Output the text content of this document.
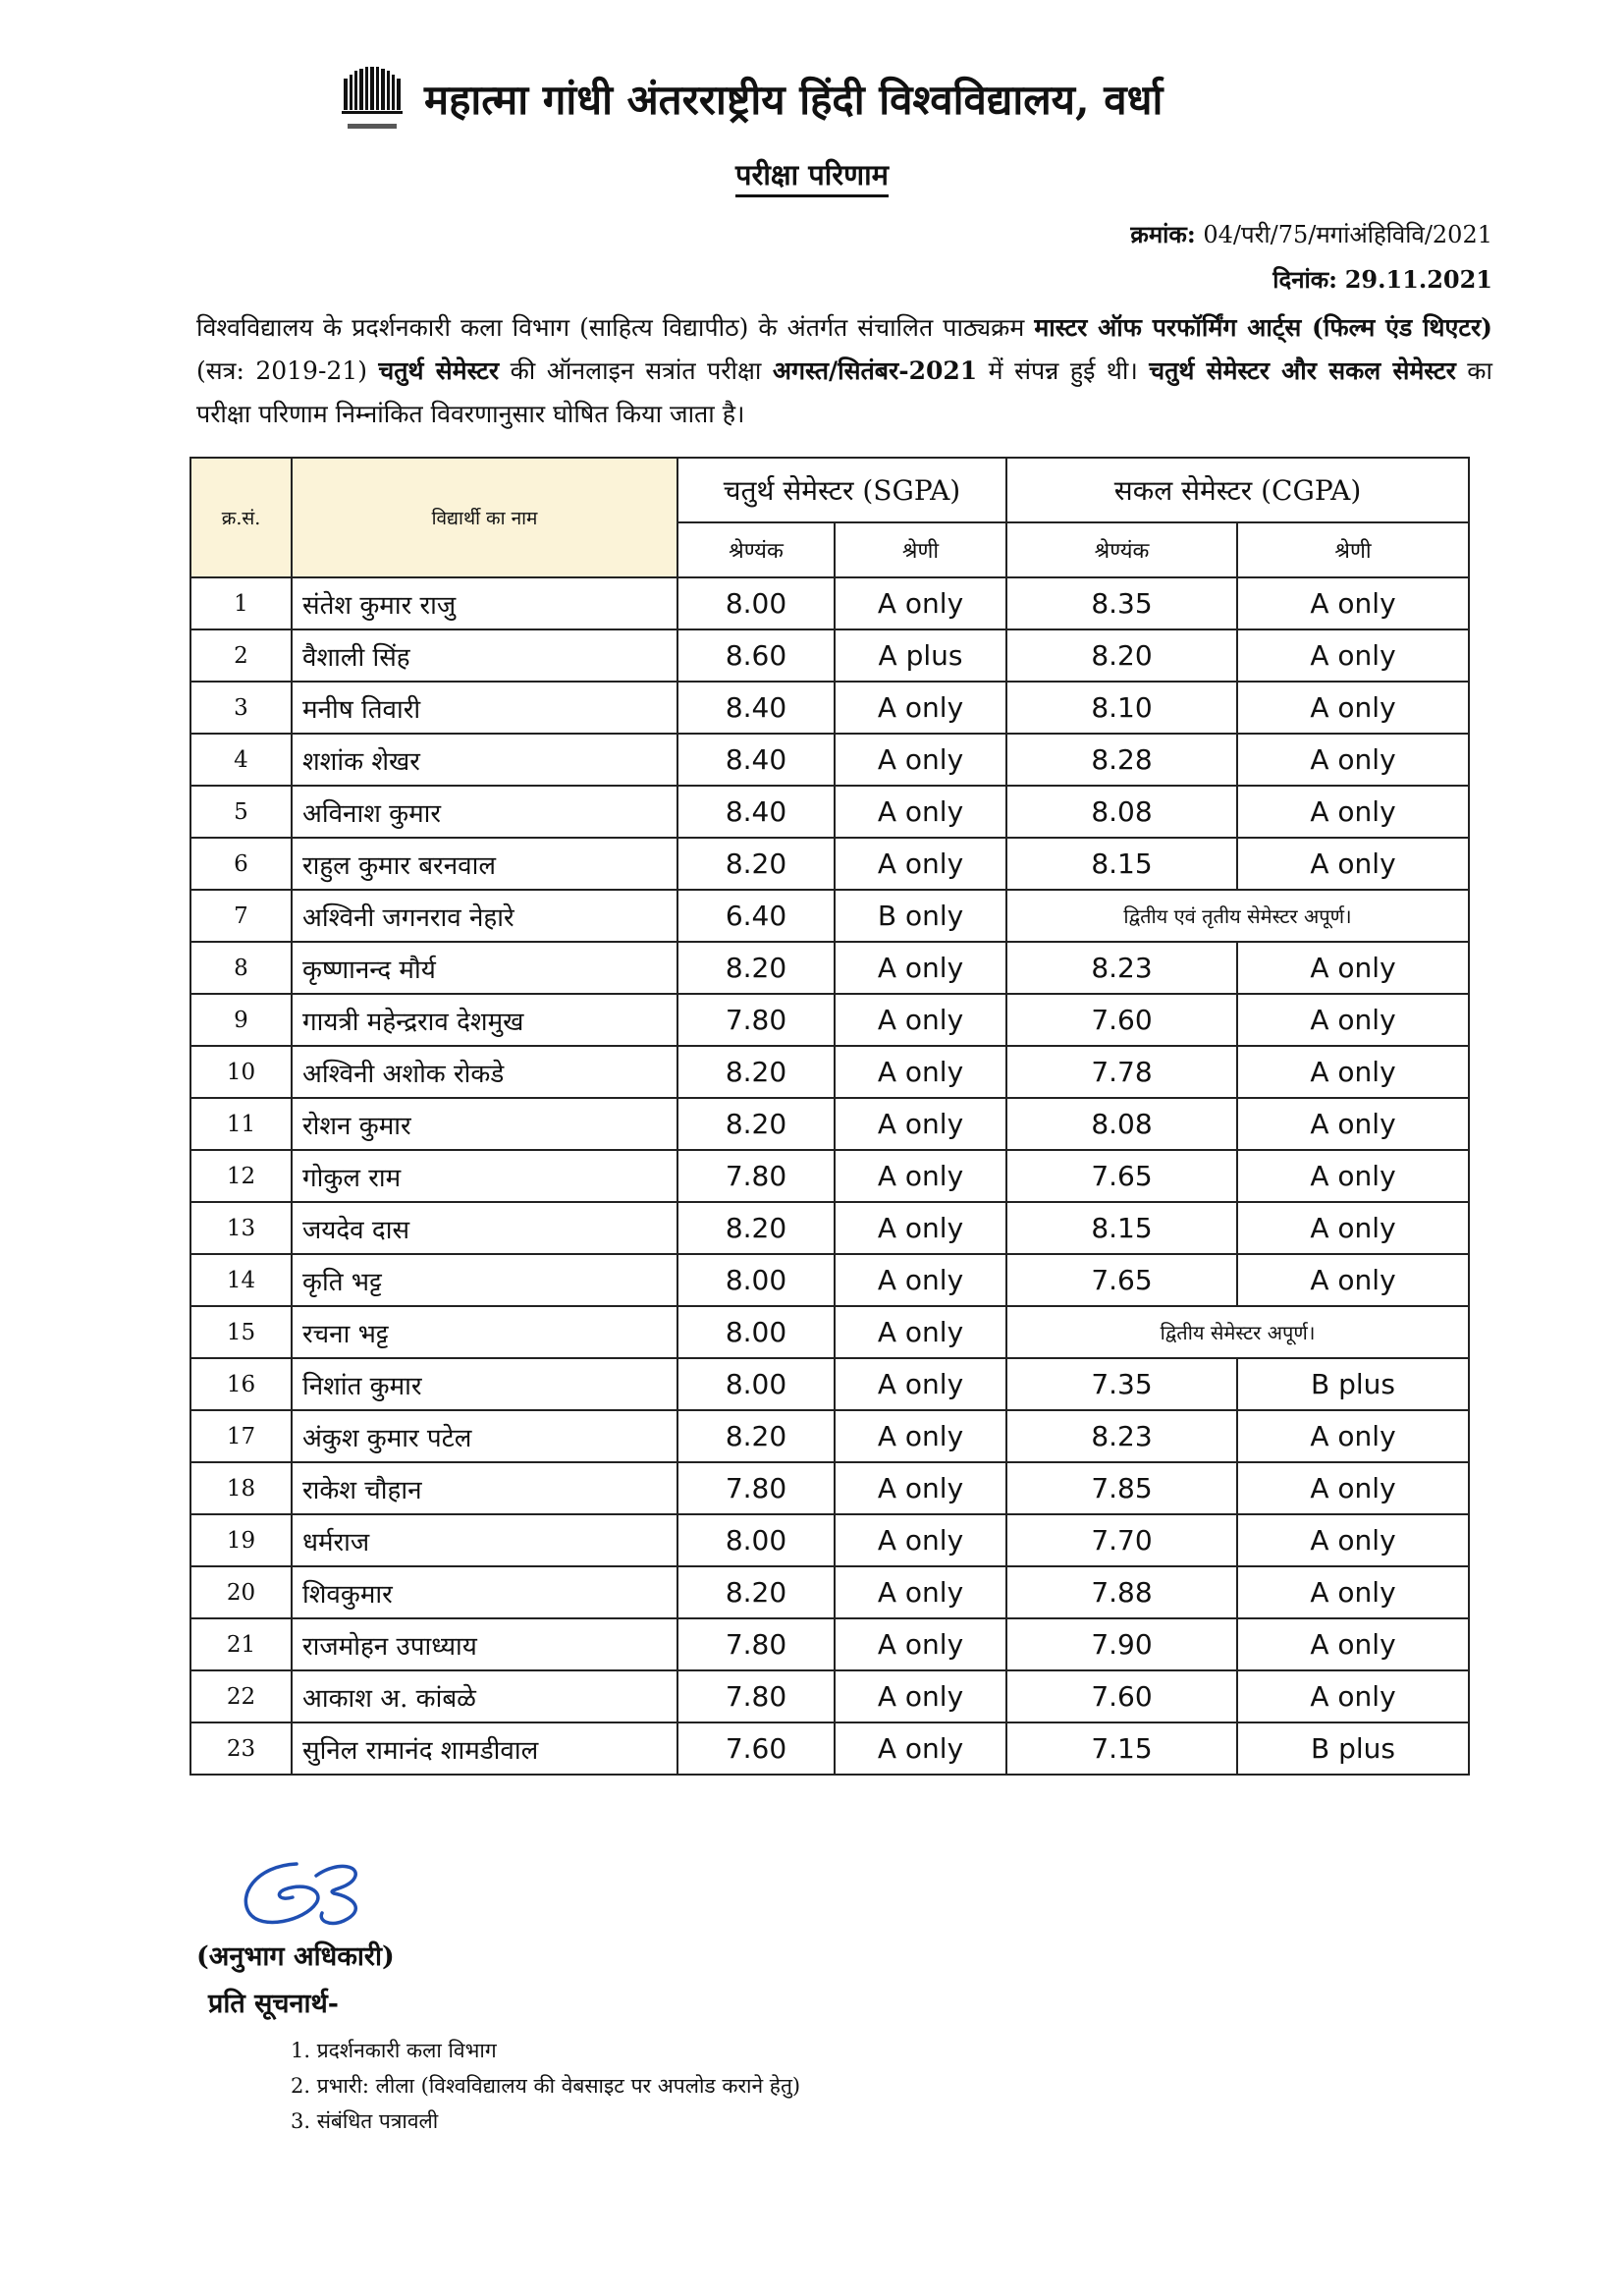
महात्मा गांधी अंतरराष्ट्रीय हिंदी विश्वविद्यालय, वर्धा
परीक्षा परिणाम
क्रमांक: 04/परी/75/मगांअंहिविवि/2021
दिनांक: 29.11.2021
विश्वविद्यालय के प्रदर्शनकारी कला विभाग (साहित्य विद्यापीठ) के अंतर्गत संचालित पाठ्यक्रम मास्टर ऑफ परफॉर्मिंग आर्ट्स (फिल्म एंड थिएटर) (सत्र: 2019-21) चतुर्थ सेमेस्टर की ऑनलाइन सत्रांत परीक्षा अगस्त/सितंबर-2021 में संपन्न हुई थी। चतुर्थ सेमेस्टर और सकल सेमेस्टर का परीक्षा परिणाम निम्नांकित विवरणानुसार घोषित किया जाता है।
क्र.सं.	विद्यार्थी का नाम	चतुर्थ सेमेस्टर (SGPA)		सकल सेमेस्टर (CGPA)	
		श्रेण्यंक	श्रेणी	श्रेण्यंक	श्रेणी
1	संतेश कुमार राजु	8.00	A only	8.35	A only
2	वैशाली सिंह	8.60	A plus	8.20	A only
3	मनीष तिवारी	8.40	A only	8.10	A only
4	शशांक शेखर	8.40	A only	8.28	A only
5	अविनाश कुमार	8.40	A only	8.08	A only
6	राहुल कुमार बरनवाल	8.20	A only	8.15	A only
7	अश्विनी जगनराव नेहारे	6.40	B only	द्वितीय एवं तृतीय सेमेस्टर अपूर्ण।	
8	कृष्णानन्द मौर्य	8.20	A only	8.23	A only
9	गायत्री महेन्द्रराव देशमुख	7.80	A only	7.60	A only
10	अश्विनी अशोक रोकडे	8.20	A only	7.78	A only
11	रोशन कुमार	8.20	A only	8.08	A only
12	गोकुल राम	7.80	A only	7.65	A only
13	जयदेव दास	8.20	A only	8.15	A only
14	कृति भट्ट	8.00	A only	7.65	A only
15	रचना भट्ट	8.00	A only	द्वितीय सेमेस्टर अपूर्ण।	
16	निशांत कुमार	8.00	A only	7.35	B plus
17	अंकुश कुमार पटेल	8.20	A only	8.23	A only
18	राकेश चौहान	7.80	A only	7.85	A only
19	धर्मराज	8.00	A only	7.70	A only
20	शिवकुमार	8.20	A only	7.88	A only
21	राजमोहन उपाध्याय	7.80	A only	7.90	A only
22	आकाश अ. कांबळे	7.80	A only	7.60	A only
23	सुनिल रामानंद शामडीवाल	7.60	A only	7.15	B plus
(अनुभाग अधिकारी)
प्रति सूचनार्थ-
1. प्रदर्शनकारी कला विभाग
2. प्रभारी: लीला (विश्वविद्यालय की वेबसाइट पर अपलोड कराने हेतु)
3. संबंधित पत्रावली
